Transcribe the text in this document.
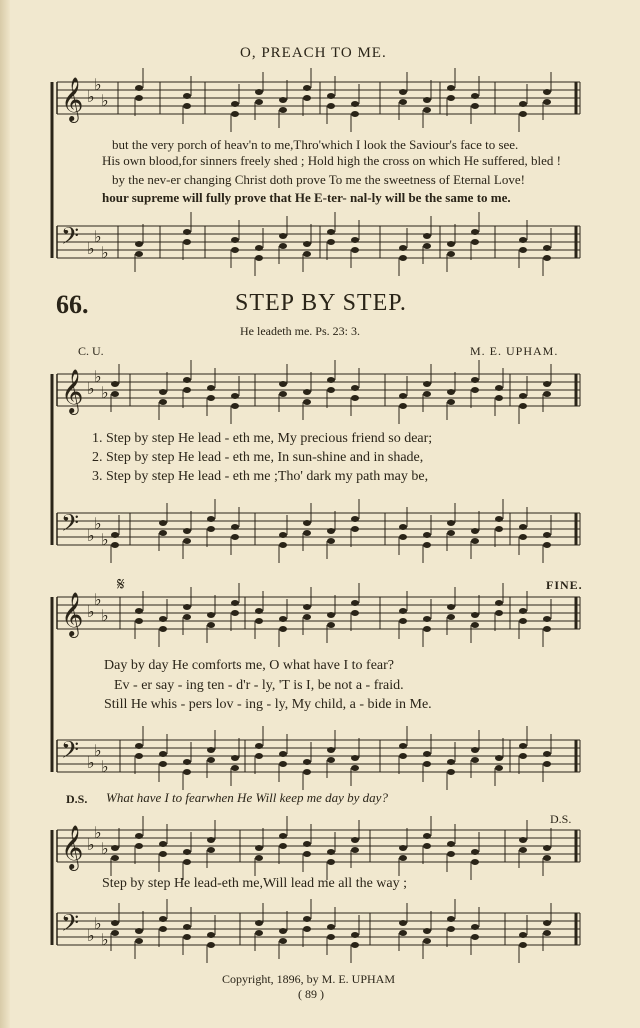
O, PREACH TO ME.
𝄞 ♭
♭
♭
𝄢 ♭
♭
♭
𝄞 ♭
♭
♭
𝄢 ♭
♭
♭
𝄞 ♭
♭
♭
𝄢 ♭
♭
♭
𝄞 ♭
♭
♭
𝄢 ♭
♭
♭
but the very porch of heav'n to me,Thro'which I look the Saviour's face to see.
His own blood,for sinners freely shed ; Hold high the cross on which He suffered, bled !
by the nev-er changing Christ doth prove To me the sweetness of Eternal Love!
hour supreme will fully prove that He E-ter- nal-ly will be the same to me.
66.	STEP BY STEP.
He leadeth me. Ps. 23: 3.
C. U.	M. E. UPHAM.
1. Step by step He lead - eth me, My precious friend so dear;
2. Step by step He lead - eth me, In sun-shine and in shade,
3. Step by step He lead - eth me ;Tho' dark my path may be,
𝄋	FINE.
Day by day He comforts me, O what have I to fear?
Ev - er say - ing ten - d'r - ly, 'T is I, be not a - fraid.
Still He whis - pers lov - ing - ly, My child, a - bide in Me.
D.S. What have I to fearwhen He Will keep me day by day?
D.S.
Step by step He lead-eth me,Will lead me all the way ;
Copyright, 1896, by M. E. UPHAM
( 89 )
